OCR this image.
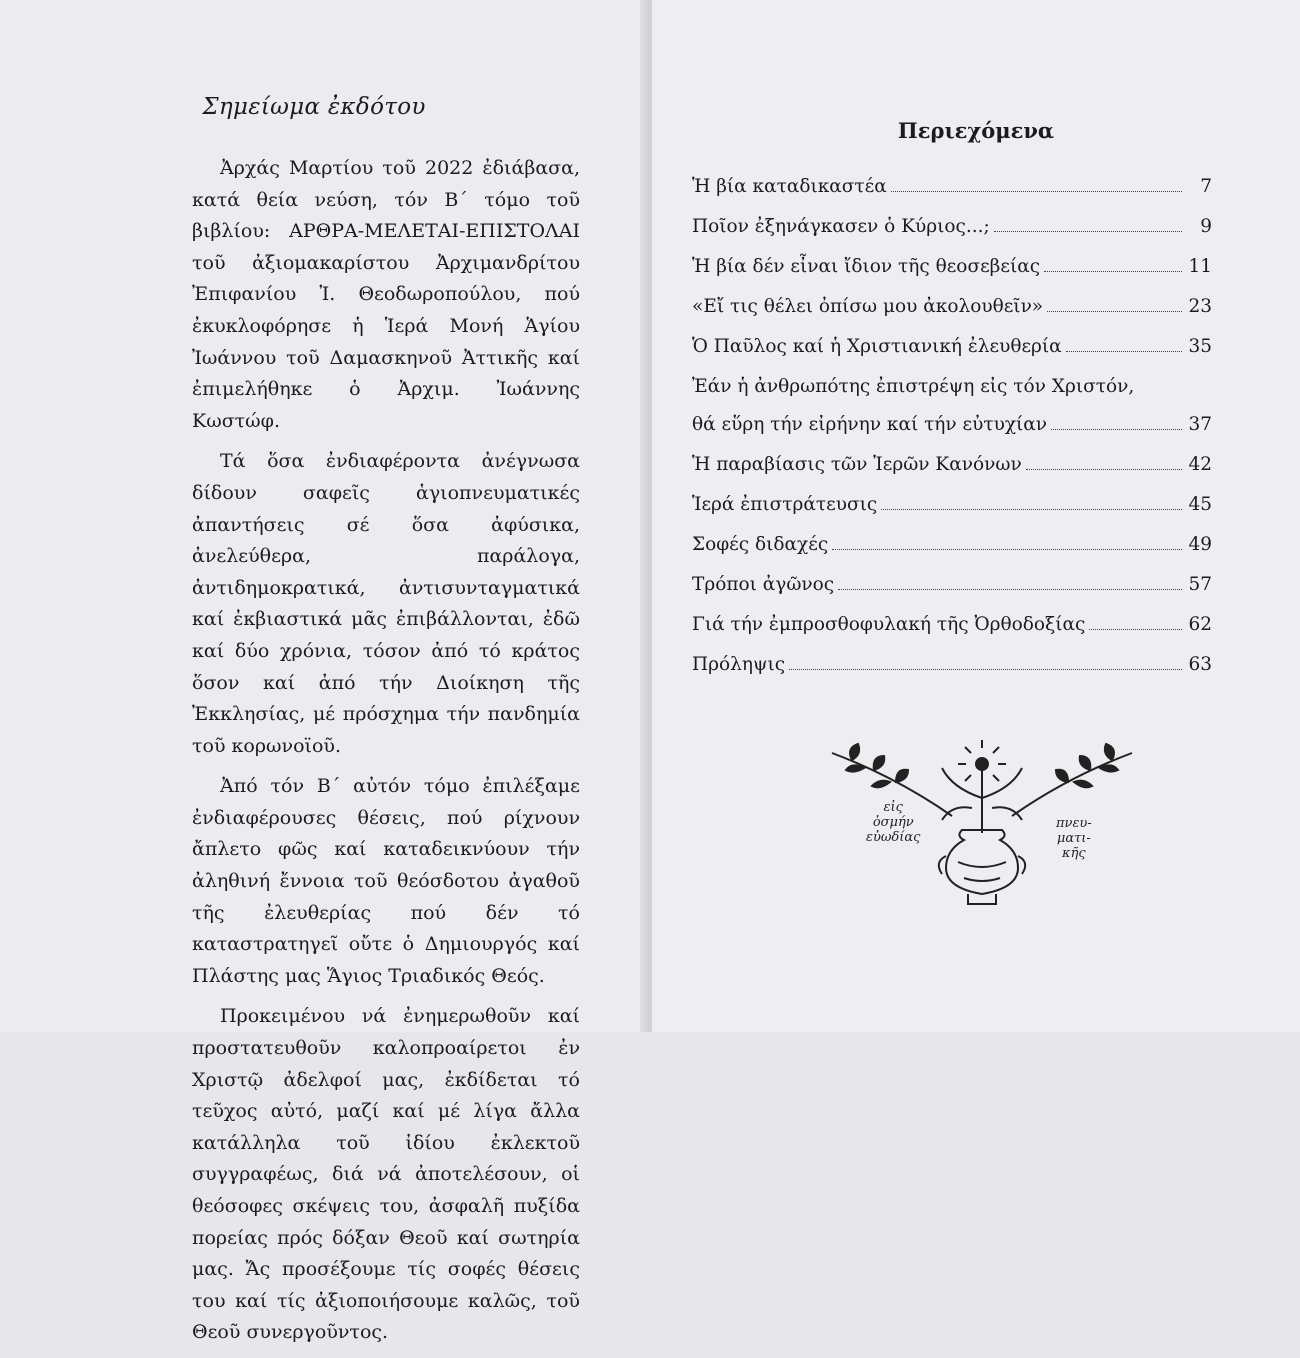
Σημείωμα ἐκδότου

Ἀρχάς Μαρτίου τοῦ 2022 ἐδιάβασα, κατά θεία νεύση, τόν Β΄ τόμο τοῦ βιβλίου: ΑΡΘΡΑ-ΜΕΛΕΤΑΙ-ΕΠΙΣΤΟΛΑΙ τοῦ ἀξιομακαρίστου Ἀρχιμανδρίτου Ἐπιφανίου Ἰ. Θεοδωροπούλου, πού ἐκυκλοφόρησε ἡ Ἱερά Μονή Ἁγίου Ἰωάννου τοῦ Δαμασκηνοῦ Ἀττικῆς καί ἐπιμελήθηκε ὁ Ἀρχιμ. Ἰωάννης Κωστώφ.

Τά ὅσα ἐνδιαφέροντα ἀνέγνωσα δίδουν σαφεῖς ἁγιοπνευματικές ἀπαντήσεις σέ ὅσα ἀφύσικα, ἀνελεύθερα, παράλογα, ἀντιδημοκρατικά, ἀντισυνταγματικά καί ἐκβιαστικά μᾶς ἐπιβάλλονται, ἐδῶ καί δύο χρόνια, τόσον ἀπό τό κράτος ὅσον καί ἀπό τήν Διοίκηση τῆς Ἐκκλησίας, μέ πρόσχημα τήν πανδημία τοῦ κορωνοϊοῦ.

Ἀπό τόν Β΄ αὐτόν τόμο ἐπιλέξαμε ἐνδιαφέρουσες θέσεις, πού ρίχνουν ἄπλετο φῶς καί καταδεικνύουν τήν ἀληθινή ἔννοια τοῦ θεόσδοτου ἀγαθοῦ τῆς ἐλευθερίας πού δέν τό καταστρατηγεῖ οὔτε ὁ Δημιουργός καί Πλάστης μας Ἅγιος Τριαδικός Θεός.

Προκειμένου νά ἐνημερωθοῦν καί προστατευθοῦν καλοπροαίρετοι ἐν Χριστῷ ἀδελφοί μας, ἐκδίδεται τό τεῦχος αὐτό, μαζί καί μέ λίγα ἄλλα κατάλληλα τοῦ ἰδίου ἐκλεκτοῦ συγγραφέως, διά νά ἀποτελέσουν, οἱ θεόσοφες σκέψεις του, ἀσφαλῆ πυξίδα πορείας πρός δόξαν Θεοῦ καί σωτηρία μας. Ἄς προσέξουμε τίς σοφές θέσεις του καί τίς ἀξιοποιήσουμε καλῶς, τοῦ Θεοῦ συνεργοῦντος.

Περιεχόμενα
Ἡ βία καταδικαστέα	7
Ποῖον ἐξηνάγκασεν ὁ Κύριος...;	9
Ἡ βία δέν εἶναι ἴδιον τῆς θεοσεβείας	11
«Εἴ τις θέλει ὀπίσω μου ἀκολουθεῖν»	23
Ὁ Παῦλος καί ἡ Χριστιανική ἐλευθερία	35
Ἐάν ἡ ἀνθρωπότης ἐπιστρέψη εἰς τόν Χριστόν,
θά εὕρη τήν εἰρήνην καί τήν εὐτυχίαν	37
Ἡ παραβίασις τῶν Ἱερῶν Κανόνων	42
Ἱερά ἐπιστράτευσις	45
Σοφές διδαχές	49
Τρόποι ἀγῶνος	57
Γιά τήν ἐμπροσθοφυλακή τῆς Ὀρθοδοξίας	62
Πρόληψις	63
εἰς
ὀσμήν
εὐωδίας
πνευ-
ματι-
κῆς
